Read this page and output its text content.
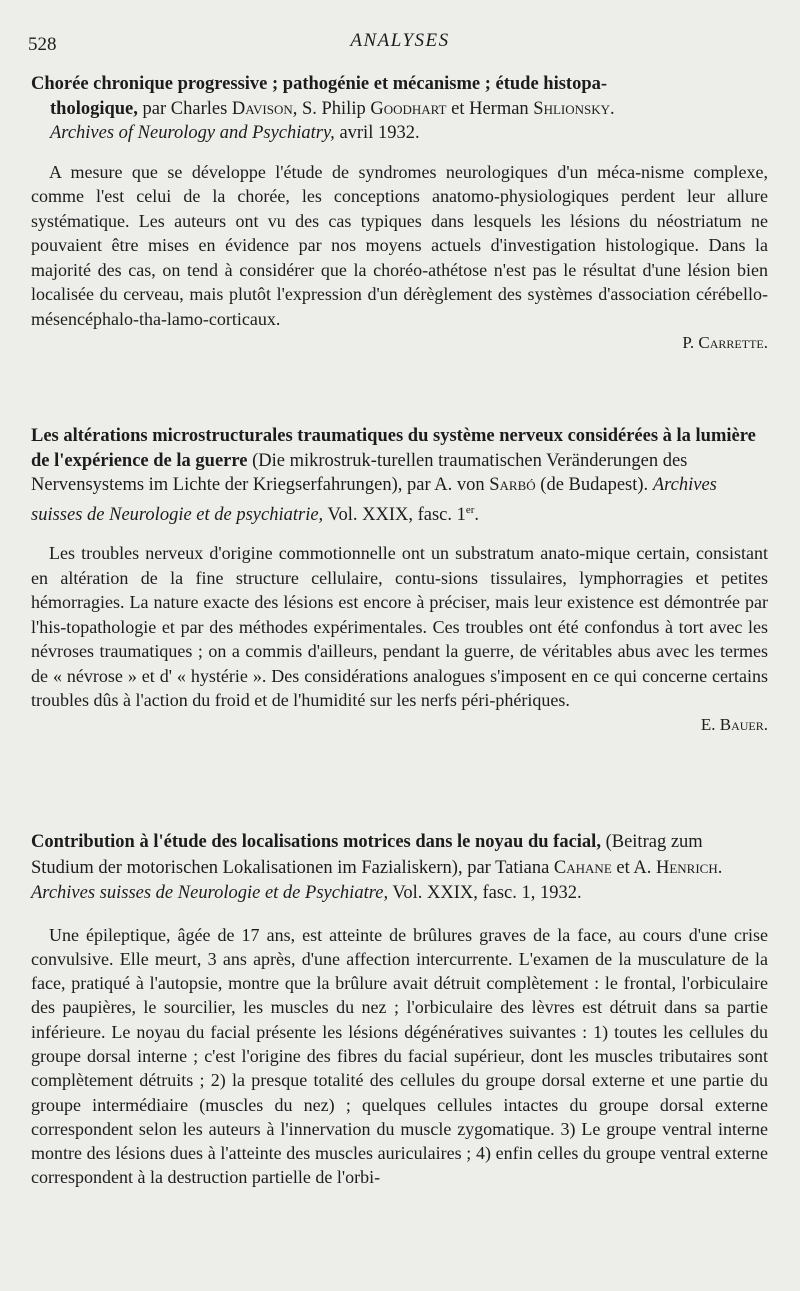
528	ANALYSES

Chorée chronique progressive ; pathogénie et mécanisme ; étude histopa-
thologique, par Charles Davison, S. Philip Goodhart et Herman Shlionsky.
Archives of Neurology and Psychiatry, avril 1932.

A mesure que se développe l'étude de syndromes neurologiques d'un méca-nisme complexe, comme l'est celui de la chorée, les conceptions anatomo-physiologiques perdent leur allure systématique. Les auteurs ont vu des cas typiques dans lesquels les lésions du néostriatum ne pouvaient être mises en évidence par nos moyens actuels d'investigation histologique. Dans la majorité des cas, on tend à considérer que la choréo-athétose n'est pas le résultat d'une lésion bien localisée du cerveau, mais plutôt l'expression d'un dérèglement des systèmes d'association cérébello-mésencéphalo-tha-lamo-corticaux.

P. Carrette.

Les altérations microstructurales traumatiques du système nerveux considérées à la lumière de l'expérience de la guerre (Die mikrostruk-turellen traumatischen Veränderungen des Nervensystems im Lichte der Kriegserfahrungen), par A. von Sarbó (de Budapest). Archives suisses de Neurologie et de psychiatrie, Vol. XXIX, fasc. 1er.

Les troubles nerveux d'origine commotionnelle ont un substratum anato-mique certain, consistant en altération de la fine structure cellulaire, contu-sions tissulaires, lymphorragies et petites hémorragies. La nature exacte des lésions est encore à préciser, mais leur existence est démontrée par l'his-topathologie et par des méthodes expérimentales. Ces troubles ont été confondus à tort avec les névroses traumatiques ; on a commis d'ailleurs, pendant la guerre, de véritables abus avec les termes de « névrose » et d' « hystérie ». Des considérations analogues s'imposent en ce qui concerne certains troubles dûs à l'action du froid et de l'humidité sur les nerfs péri-phériques.

E. Bauer.

Contribution à l'étude des localisations motrices dans le noyau du facial, (Beitrag zum Studium der motorischen Lokalisationen im Fazialiskern), par Tatiana Cahane et A. Henrich. Archives suisses de Neurologie et de Psychiatre, Vol. XXIX, fasc. 1, 1932.

Une épileptique, âgée de 17 ans, est atteinte de brûlures graves de la face, au cours d'une crise convulsive. Elle meurt, 3 ans après, d'une affection intercurrente. L'examen de la musculature de la face, pratiqué à l'autopsie, montre que la brûlure avait détruit complètement : le frontal, l'orbiculaire des paupières, le sourcilier, les muscles du nez ; l'orbiculaire des lèvres est détruit dans sa partie inférieure. Le noyau du facial présente les lésions dégénératives suivantes : 1) toutes les cellules du groupe dorsal interne ; c'est l'origine des fibres du facial supérieur, dont les muscles tributaires sont complètement détruits ; 2) la presque totalité des cellules du groupe dorsal externe et une partie du groupe intermédiaire (muscles du nez) ; quelques cellules intactes du groupe dorsal externe correspondent selon les auteurs à l'innervation du muscle zygomatique. 3) Le groupe ventral interne montre des lésions dues à l'atteinte des muscles auriculaires ; 4) enfin celles du groupe ventral externe correspondent à la destruction partielle de l'orbi-
